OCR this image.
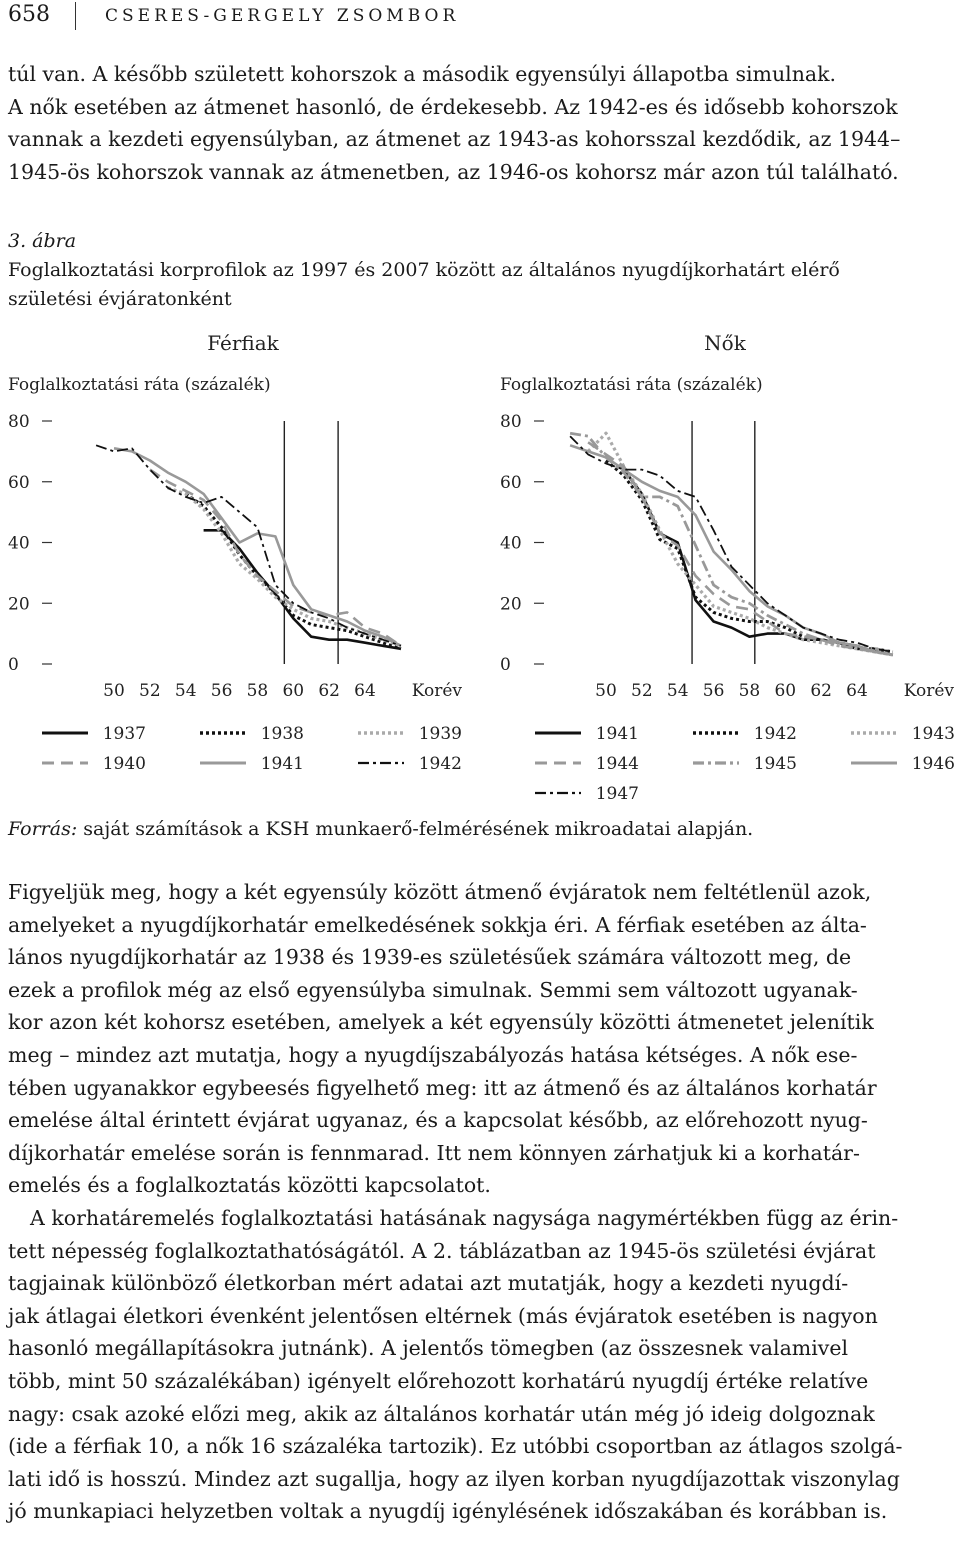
658	CSERES-GERGELY ZSOMBOR
túl van. A később született kohorszok a második egyensúlyi állapotba simulnak.
A nők esetében az átmenet hasonló, de érdekesebb. Az 1942-es és idősebb kohorszok
vannak a kezdeti egyensúlyban, az átmenet az 1943-as kohorsszal kezdődik, az 1944–
1945-ös kohorszok vannak az átmenetben, az 1946-os kohorsz már azon túl található.
3. ábra
Foglalkoztatási korprofilok az 1997 és 2007 között az általános nyugdíjkorhatárt elérő
születési évjáratonként
Férfiak
Foglalkoztatási ráta (százalék)
0
20
40
60
80
50 52 54 56 58 60 62 64 Korév
1937	1938	1939
1940	1941	1942
Nők
Foglalkoztatási ráta (százalék)
0
20
40
60
80
50 52 54 56 58 60 62 64 Korév
1941	1942	1943
1944	1945	1946
1947
Forrás: saját számítások a KSH munkaerő-felmérésének mikroadatai alapján.
Figyeljük meg, hogy a két egyensúly között átmenő évjáratok nem feltétlenül azok,
amelyeket a nyugdíjkorhatár emelkedésének sokkja éri. A férfiak esetében az álta-
lános nyugdíjkorhatár az 1938 és 1939-es születésűek számára változott meg, de
ezek a profilok még az első egyensúlyba simulnak. Semmi sem változott ugyanak-
kor azon két kohorsz esetében, amelyek a két egyensúly közötti átmenetet jelenítik
meg – mindez azt mutatja, hogy a nyugdíjszabályozás hatása kétséges. A nők ese-
tében ugyanakkor egybeesés figyelhető meg: itt az átmenő és az általános korhatár
emelése által érintett évjárat ugyanaz, és a kapcsolat később, az előrehozott nyug-
díjkorhatár emelése során is fennmarad. Itt nem könnyen zárhatjuk ki a korhatár-
emelés és a foglalkoztatás közötti kapcsolatot.
A korhatáremelés foglalkoztatási hatásának nagysága nagymértékben függ az érin-
tett népesség foglalkoztathatóságától. A 2. táblázatban az 1945-ös születési évjárat
tagjainak különböző életkorban mért adatai azt mutatják, hogy a kezdeti nyugdí-
jak átlagai életkori évenként jelentősen eltérnek (más évjáratok esetében is nagyon
hasonló megállapításokra jutnánk). A jelentős tömegben (az összesnek valamivel
több, mint 50 százalékában) igényelt előrehozott korhatárú nyugdíj értéke relatíve
nagy: csak azoké előzi meg, akik az általános korhatár után még jó ideig dolgoznak
(ide a férfiak 10, a nők 16 százaléka tartozik). Ez utóbbi csoportban az átlagos szolgá-
lati idő is hosszú. Mindez azt sugallja, hogy az ilyen korban nyugdíjazottak viszonylag
jó munkapiaci helyzetben voltak a nyugdíj igénylésének időszakában és korábban is.
